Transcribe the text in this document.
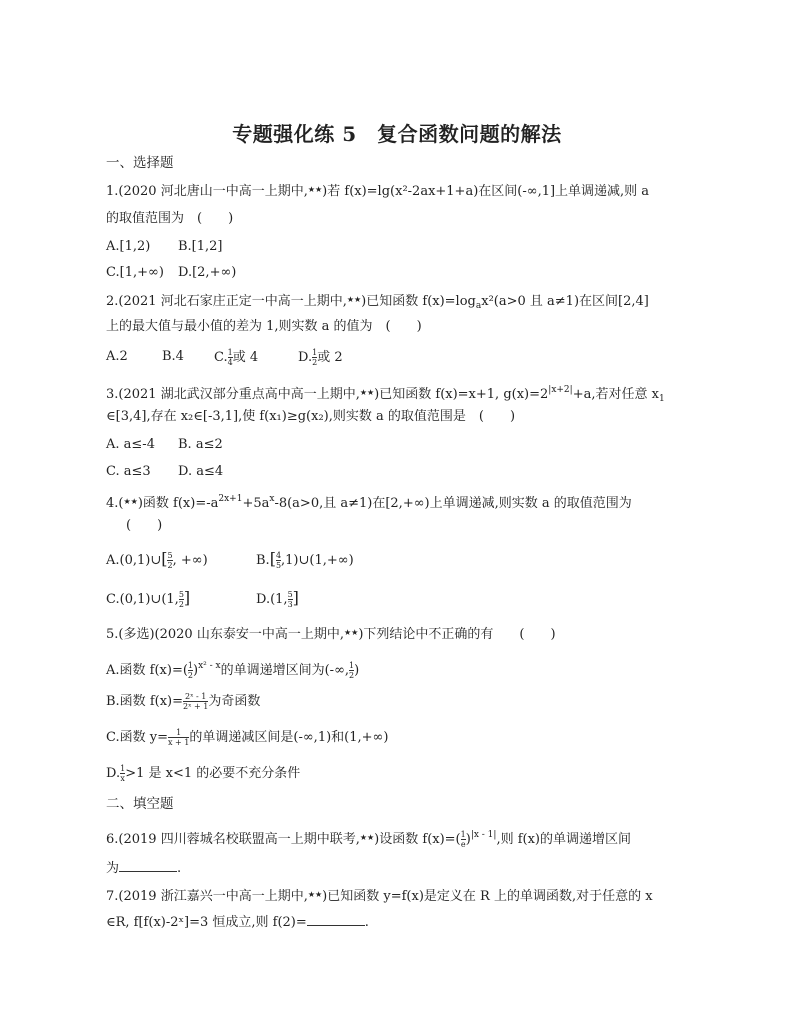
专题强化练 5　复合函数问题的解法
一、选择题
1.(2020 河北唐山一中高一上期中,★★)若 f(x)=lg(x²-2ax+1+a)在区间(-∞,1]上单调递减,则 a
的取值范围为　(　　)
A.[1,2) B.[1,2]
C.[1,+∞) D.[2,+∞)
2.(2021 河北石家庄正定一中高一上期中,★★)已知函数 $f(x)=\log_ax^2(a>0$ 且 a≠1)在区间[2,4]
上的最大值与最小值的差为 1,则实数 a 的值为　(　　)
A.2	B.4 C. $\frac{1}{4}$ 或 4	D. $\frac{1}{2}$ 或 2
3.(2021 湖北武汉部分重点高中高一上期中,★★)已知函数 f(x)=x+1, $g(x)=2^{|x+2|}+a$,若对任意 $x_1$
∈[3,4],存在 x₂∈[-3,1],使 f(x₁)≥g(x₂),则实数 a 的取值范围是　(　　)
A. a≤-4 B. a≤2
C. a≤3 D. a≤4
4.(★★)函数 $f(x)=-a^{2x+1}+5a^x-8(a>0$,且 a≠1)在[2,+∞)上单调递减,则实数 a 的取值范围为
(　　)
A.(0,1)∪[ $\frac{5}{2}$ , +∞)	$B.[ \frac{4}{5}$ ,1)∪(1,+∞)
C.(0,1)∪(1, $\frac{5}{2}$ ]	D.(1, $\frac{5}{3}$ ]
5.(多选)(2020 山东泰安一中高一上期中,★★)下列结论中不正确的有　　(　　)
A.函数 $f(x)=( \frac{1}{2} )^{x^2 - x}$的单调递增区间为(-∞, $\frac{1}{2}$ )
B.函数 $f(x)= \frac{\text{2ˣ - 1}}{\text{2ˣ + 1}}$ 为奇函数
C.函数 $y= \frac{1}{x + 1}$ 的单调递减区间是(-∞,1)和(1,+∞)
D. $\frac{1}{x} >1$ 是 x<1 的必要不充分条件
二、填空题
6.(2019 四川蓉城名校联盟高一上期中联考,★★)设函数 $f(x)=( \frac{1}{e} )^{|x - 1|}$,则 f(x)的单调递增区间
为	.
7.(2019 浙江嘉兴一中高一上期中,★★)已知函数 y=f(x)是定义在 R 上的单调函数,对于任意的 x
∈R, f[f(x)-2ˣ]=3 恒成立,则 f(2)=	.
